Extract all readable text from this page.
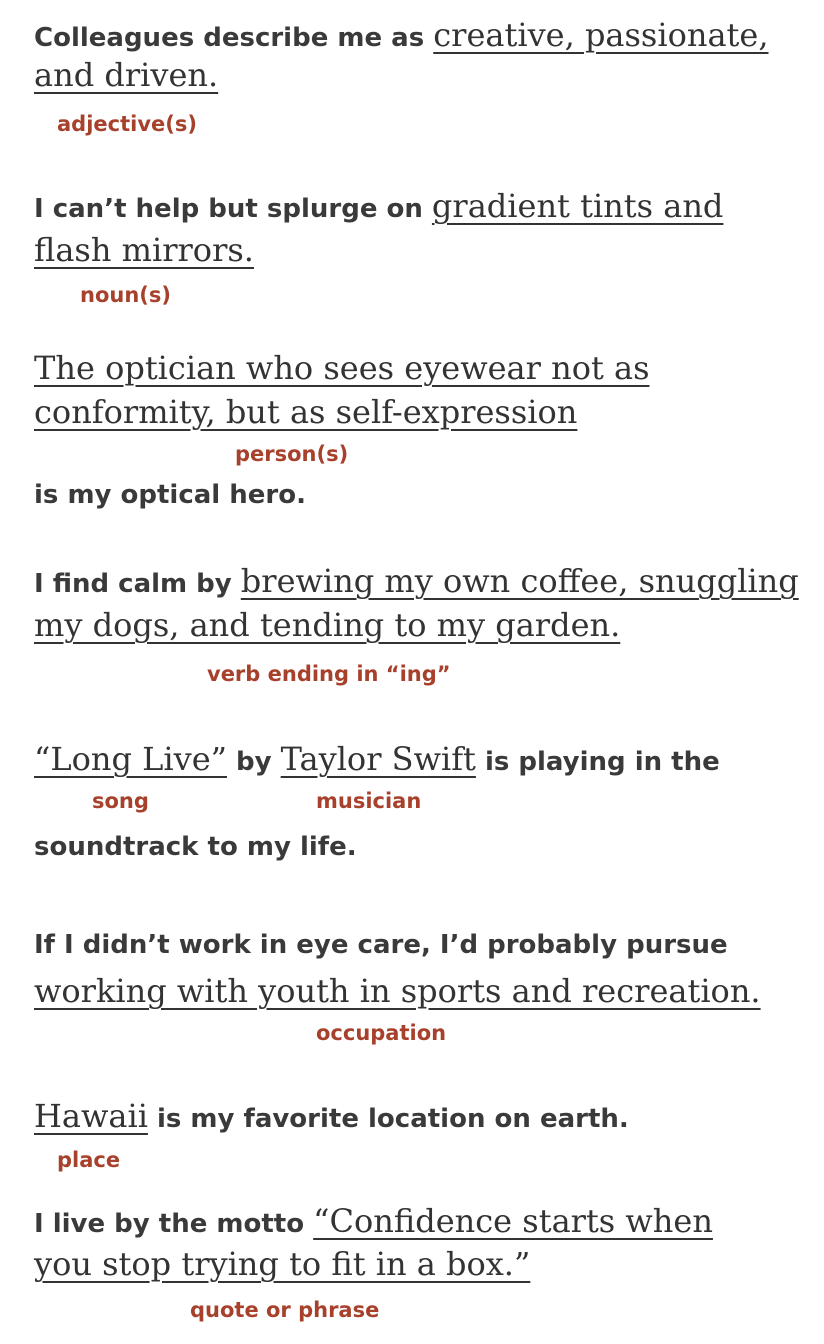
Colleagues describe me as creative, passionate,
and driven.
adjective(s)
I can’t help but splurge on gradient tints and
flash mirrors.
noun(s)
The optician who sees eyewear not as
conformity, but as self-expression
person(s)
is my optical hero.
I find calm by brewing my own coffee, snuggling
my dogs, and tending to my garden.
verb ending in “ing”
“Long Live” by Taylor Swift is playing in the
song	musician
soundtrack to my life.
If I didn’t work in eye care, I’d probably pursue
working with youth in sports and recreation.
occupation
Hawaii is my favorite location on earth.
place
I live by the motto “Confidence starts when
you stop trying to fit in a box.”
quote or phrase
